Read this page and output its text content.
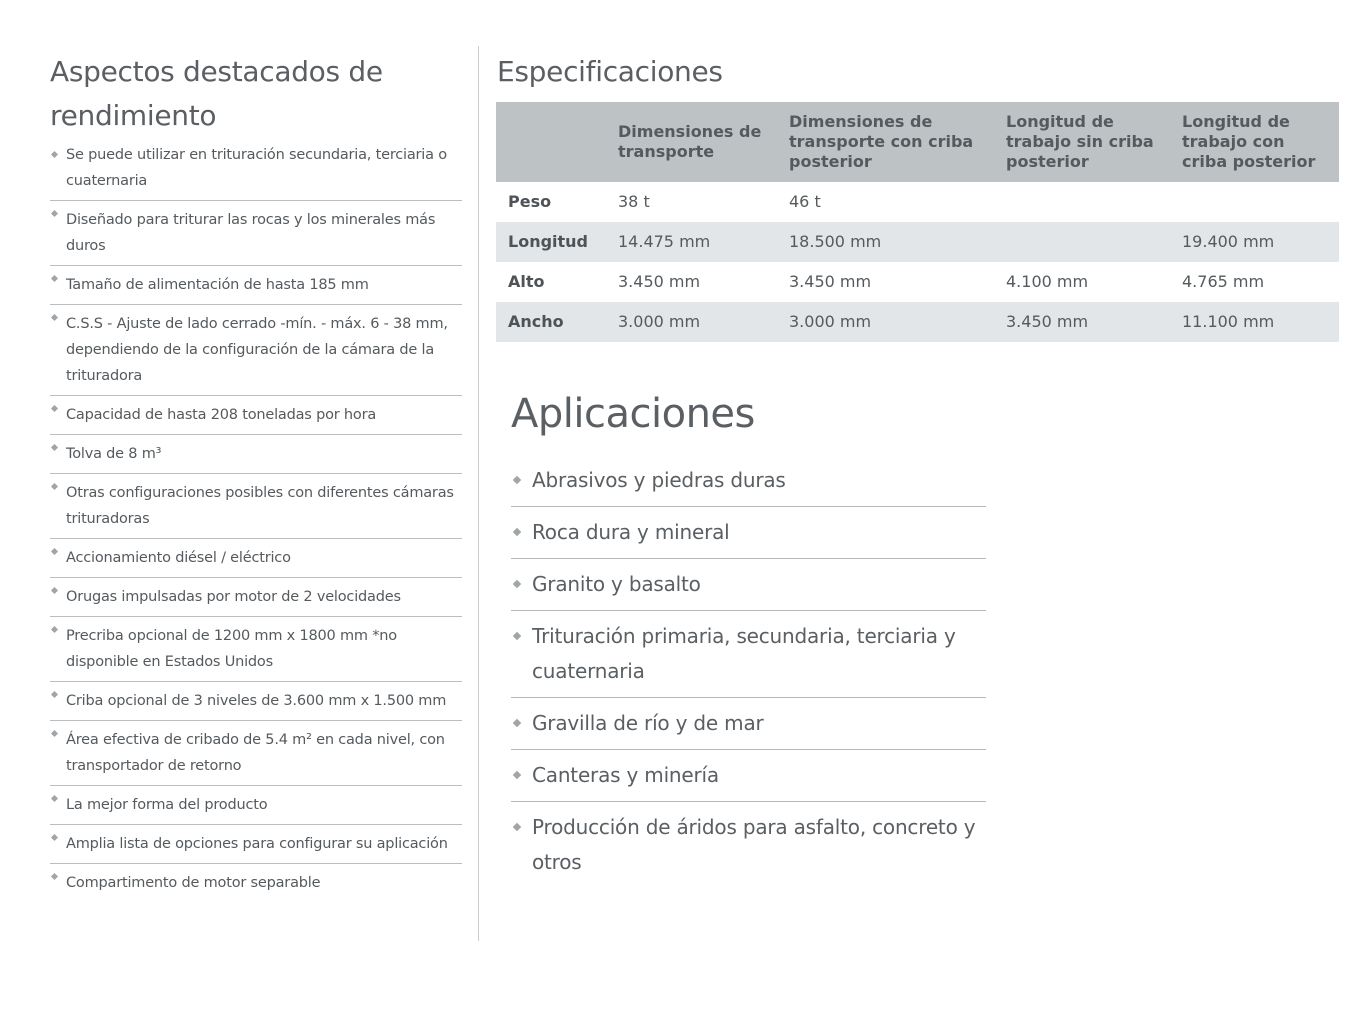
Aspectos destacados de rendimiento
Se puede utilizar en trituración secundaria, terciaria o cuaternaria
Diseñado para triturar las rocas y los minerales más duros
Tamaño de alimentación de hasta 185 mm
C.S.S - Ajuste de lado cerrado -mín. - máx. 6 - 38 mm, dependiendo de la configuración de la cámara de la trituradora
Capacidad de hasta 208 toneladas por hora
Tolva de 8 m³
Otras configuraciones posibles con diferentes cámaras trituradoras
Accionamiento diésel / eléctrico
Orugas impulsadas por motor de 2 velocidades
Precriba opcional de 1200 mm x 1800 mm *no disponible en Estados Unidos
Criba opcional de 3 niveles de 3.600 mm x 1.500 mm
Área efectiva de cribado de 5.4 m² en cada nivel, con transportador de retorno
La mejor forma del producto
Amplia lista de opciones para configurar su aplicación
Compartimento de motor separable
Especificaciones
	Dimensiones de transporte	Dimensiones de transporte con criba posterior	Longitud de trabajo sin criba posterior	Longitud de trabajo con criba posterior
Peso	38 t	46 t		
Longitud	14.475 mm	18.500 mm		19.400 mm
Alto	3.450 mm	3.450 mm	4.100 mm	4.765 mm
Ancho	3.000 mm	3.000 mm	3.450 mm	11.100 mm
Aplicaciones
Abrasivos y piedras duras
Roca dura y mineral
Granito y basalto
Trituración primaria, secundaria, terciaria y cuaternaria
Gravilla de río y de mar
Canteras y minería
Producción de áridos para asfalto, concreto y otros
